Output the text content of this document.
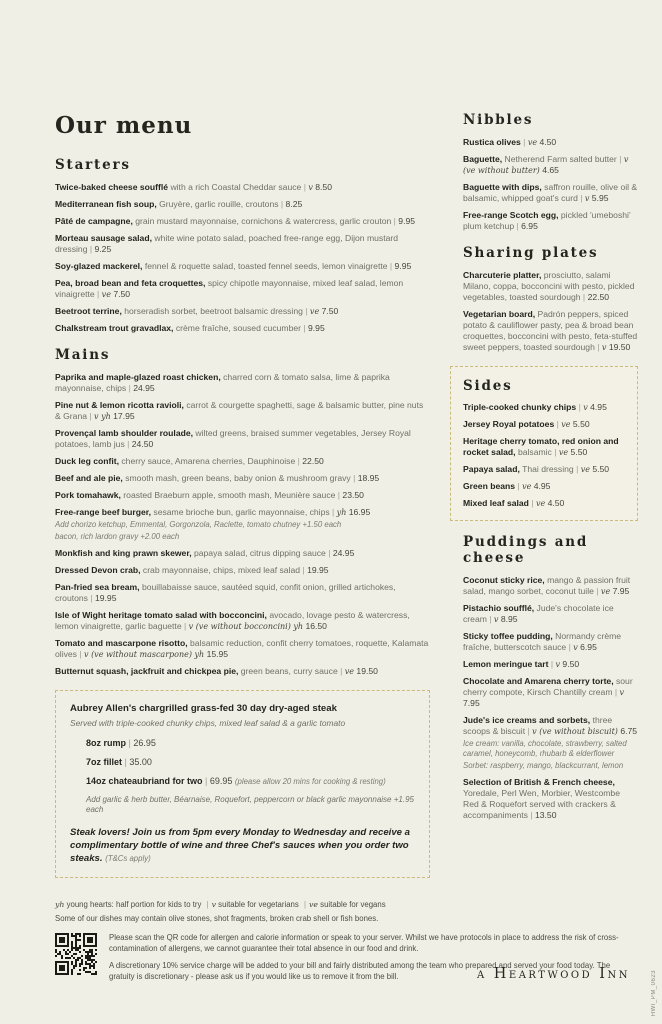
Our menu
Starters

Twice-baked cheese soufflé with a rich Coastal Cheddar sauce | v 8.50

Mediterranean fish soup, Gruyère, garlic rouille, croutons | 8.25

Pâté de campagne, grain mustard mayonnaise, cornichons & watercress, garlic crouton | 9.95

Morteau sausage salad, white wine potato salad, poached free-range egg, Dijon mustard dressing | 9.25

Soy-glazed mackerel, fennel & roquette salad, toasted fennel seeds, lemon vinaigrette | 9.95

Pea, broad bean and feta croquettes, spicy chipotle mayonnaise, mixed leaf salad, lemon vinaigrette | ve 7.50

Beetroot terrine, horseradish sorbet, beetroot balsamic dressing | ve 7.50

Chalkstream trout gravadlax, crème fraîche, soused cucumber | 9.95

Mains

Paprika and maple-glazed roast chicken, charred corn & tomato salsa, lime & paprika mayonnaise, chips | 24.95

Pine nut & lemon ricotta ravioli, carrot & courgette spaghetti, sage & balsamic butter, pine nuts & Grana | v yh 17.95

Provençal lamb shoulder roulade, wilted greens, braised summer vegetables, Jersey Royal potatoes, lamb jus | 24.50

Duck leg confit, cherry sauce, Amarena cherries, Dauphinoise | 22.50

Beef and ale pie, smooth mash, green beans, baby onion & mushroom gravy | 18.95

Pork tomahawk, roasted Braeburn apple, smooth mash, Meunière sauce | 23.50

Free-range beef burger, sesame brioche bun, garlic mayonnaise, chips | yh 16.95
Add chorizo ketchup, Emmental, Gorgonzola, Raclette, tomato chutney +1.50 each
bacon, rich lardon gravy +2.00 each

Monkfish and king prawn skewer, papaya salad, citrus dipping sauce | 24.95

Dressed Devon crab, crab mayonnaise, chips, mixed leaf salad | 19.95

Pan-fried sea bream, bouillabaisse sauce, sautéed squid, confit onion, grilled artichokes, croutons | 19.95

Isle of Wight heritage tomato salad with bocconcini, avocado, lovage pesto & watercress, lemon vinaigrette, garlic baguette | v (ve without bocconcini) yh 16.50

Tomato and mascarpone risotto, balsamic reduction, confit cherry tomatoes, roquette, Kalamata olives | v (ve without mascarpone) yh 15.95

Butternut squash, jackfruit and chickpea pie, green beans, curry sauce | ve 19.50

Aubrey Allen's chargrilled grass-fed 30 day dry-aged steak
Served with triple-cooked chunky chips, mixed leaf salad & a garlic tomato
8oz rump | 26.95
7oz fillet | 35.00
14oz chateaubriand for two | 69.95 (please allow 20 mins for cooking & resting)
Add garlic & herb butter, Béarnaise, Roquefort, peppercorn or black garlic mayonnaise +1.95 each
Steak lovers! Join us from 5pm every Monday to Wednesday and receive a complimentary bottle of wine and three Chef's sauces when you order two steaks. (T&Cs apply)
Nibbles

Rustica olives | ve 4.50

Baguette, Netherend Farm salted butter | v (ve without butter) 4.65

Baguette with dips, saffron rouille, olive oil & balsamic, whipped goat's curd | v 5.95

Free-range Scotch egg, pickled 'umeboshi' plum ketchup | 6.95

Sharing plates

Charcuterie platter, prosciutto, salami Milano, coppa, bocconcini with pesto, pickled vegetables, toasted sourdough | 22.50

Vegetarian board, Padrón peppers, spiced potato & cauliflower pasty, pea & broad bean croquettes, bocconcini with pesto, feta-stuffed sweet peppers, toasted sourdough | v 19.50

Sides

Triple-cooked chunky chips | v 4.95

Jersey Royal potatoes | ve 5.50

Heritage cherry tomato, red onion and rocket salad, balsamic | ve 5.50

Papaya salad, Thai dressing | ve 5.50

Green beans | ve 4.95

Mixed leaf salad | ve 4.50

Puddings and cheese

Coconut sticky rice, mango & passion fruit salad, mango sorbet, coconut tuile | ve 7.95

Pistachio soufflé, Jude's chocolate ice cream | v 8.95

Sticky toffee pudding, Normandy crème fraîche, butterscotch sauce | v 6.95

Lemon meringue tart | v 9.50

Chocolate and Amarena cherry torte, sour cherry compote, Kirsch Chantilly cream | v 7.95

Jude's ice creams and sorbets, three scoops & biscuit | v (ve without biscuit) 6.75
Ice cream: vanilla, chocolate, strawberry, salted caramel, honeycomb, rhubarb & elderflower
Sorbet: raspberry, mango, blackcurrant, lemon

Selection of British & French cheese, Yoredale, Perl Wen, Morbier, Westcombe Red & Roquefort served with crackers & accompaniments | 13.50

yh young hearts: half portion for kids to try | v suitable for vegetarians | ve suitable for vegans
Some of our dishes may contain olive stones, shot fragments, broken crab shell or fish bones.

Please scan the QR code for allergen and calorie information or speak to your server. Whilst we have protocols in place to address the risk of cross-contamination of allergens, we cannot guarantee their total absence in our food and drink.

A discretionary 10% service charge will be added to your bill and fairly distributed among the team who prepared and served your food today. The gratuity is discretionary - please ask us if you would like us to remove it from the bill.	a Heartwood Inn	HWI_PM_0623
